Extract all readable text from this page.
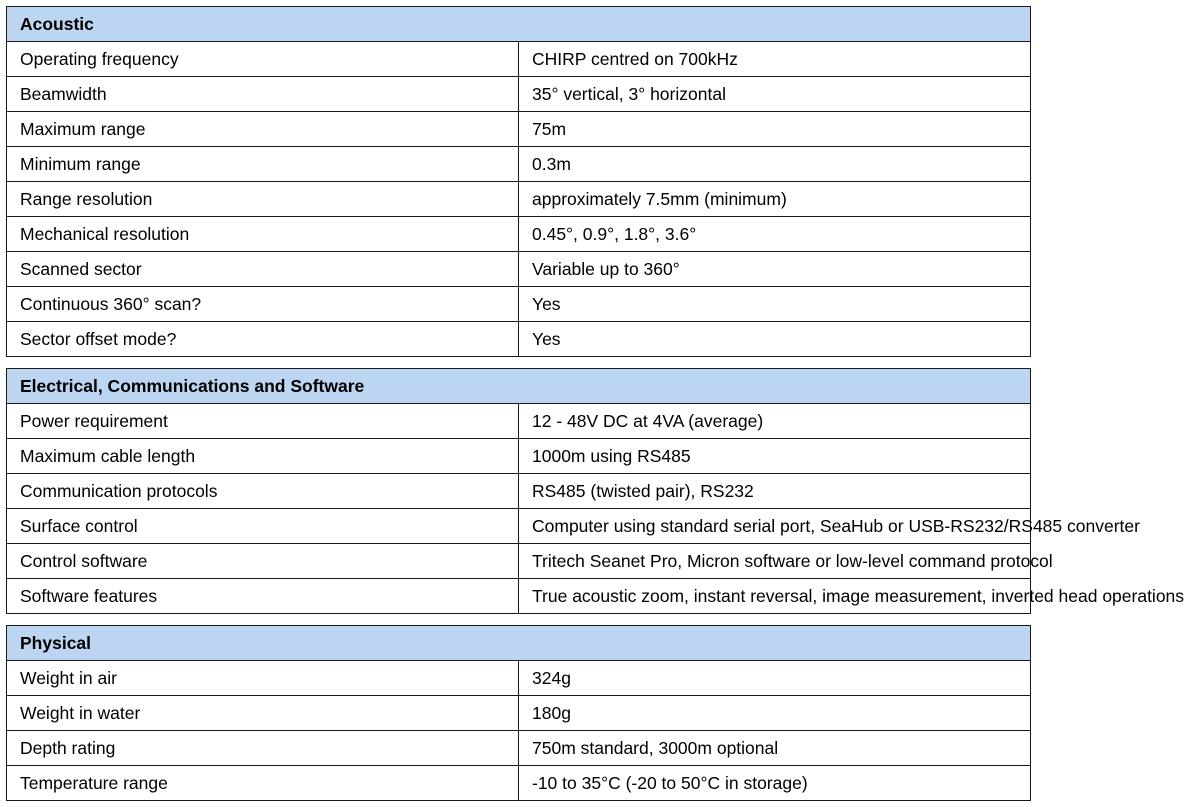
Acoustic	
Operating frequency	CHIRP centred on 700kHz
Beamwidth	35° vertical, 3° horizontal
Maximum range	75m
Minimum range	0.3m
Range resolution	approximately 7.5mm (minimum)
Mechanical resolution	0.45°, 0.9°, 1.8°, 3.6°
Scanned sector	Variable up to 360°
Continuous 360° scan?	Yes
Sector offset mode?	Yes
Electrical, Communications and Software	
Power requirement	12 - 48V DC at 4VA (average)
Maximum cable length	1000m using RS485
Communication protocols	RS485 (twisted pair), RS232
Surface control	Computer using standard serial port, SeaHub or USB-RS232/RS485 converter
Control software	Tritech Seanet Pro, Micron software or low-level command protocol
Software features	True acoustic zoom, instant reversal, image measurement, inverted head operations
Physical	
Weight in air	324g
Weight in water	180g
Depth rating	750m standard, 3000m optional
Temperature range	-10 to 35°C (-20 to 50°C in storage)
